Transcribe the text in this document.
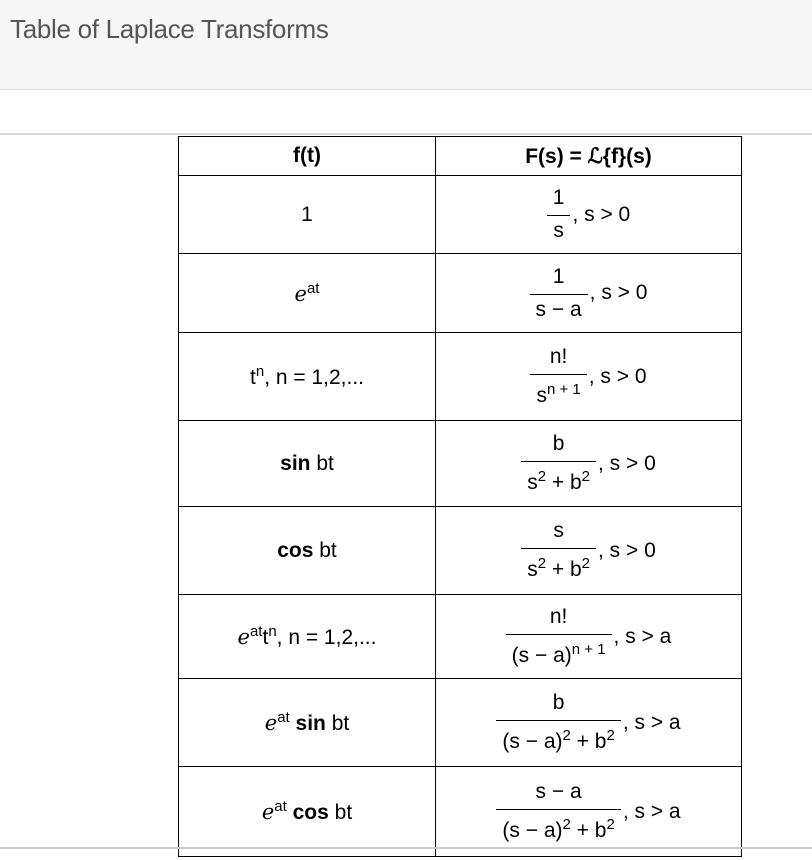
Table of Laplace Transforms
f(t)	F(s) = ℒ{f}(s)
1	$\frac{1}{s}$ , s > 0
$e^{at}$	$\frac{1}{s - a}$ , s > 0
$t^n$, n = 1,2,...	$\frac{n!}{s^{n + 1}}$ , s > 0
sin bt	$\frac{b}{s^2 + b^2}$ , s > 0
cos bt	$\frac{s}{s^2 + b^2}$ , s > 0
$e^{at}t^n$, n = 1,2,...	$\frac{n!}{(s - a)^{n + 1}}$ , s > a
$e^{at}$ sin bt	$\frac{b}{(s - a)^2 + b^2}$ , s > a
$e^{at}$ cos bt	$\frac{s - a}{(s - a)^2 + b^2}$ , s > a
